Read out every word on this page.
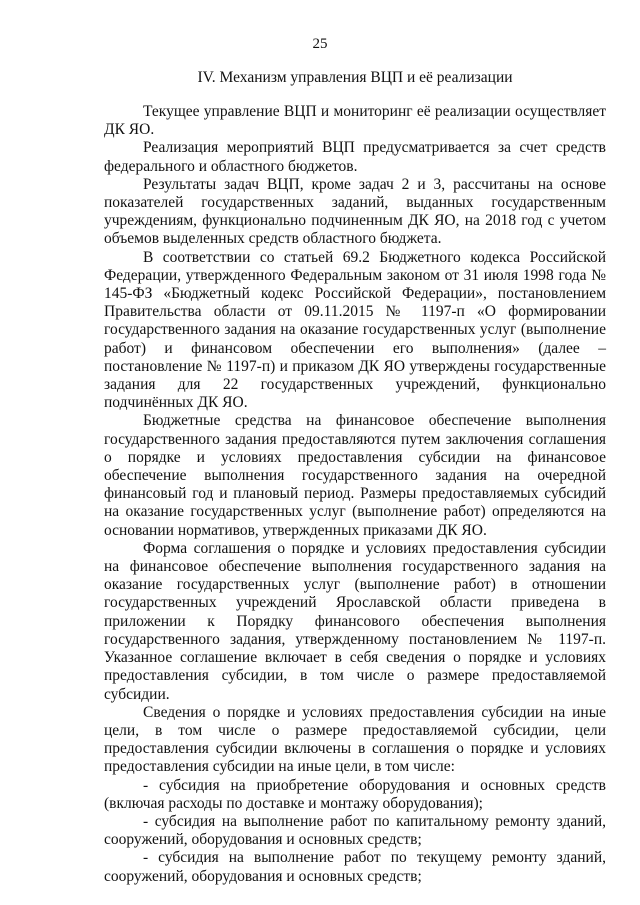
25
IV. Механизм управления ВЦП и её реализации

Текущее управление ВЦП и мониторинг её реализации осуществляет ДК ЯО.

Реализация мероприятий ВЦП предусматривается за счет средств федерального и областного бюджетов.

Результаты задач ВЦП, кроме задач 2 и 3, рассчитаны на основе показателей государственных заданий, выданных государственным учреждениям, функционально подчиненным ДК ЯО, на 2018 год с учетом объемов выделенных средств областного бюджета.

В соответствии со статьей 69.2 Бюджетного кодекса Российской Федерации, утвержденного Федеральным законом от 31 июля 1998 года № 145-ФЗ «Бюджетный кодекс Российской Федерации», постановлением Правительства области от 09.11.2015 № 1197-п «О формировании государственного задания на оказание государственных услуг (выполнение работ) и финансовом обеспечении его выполнения» (далее – постановление № 1197-п) и приказом ДК ЯО утверждены государственные задания для 22 государственных учреждений, функционально подчинённых ДК ЯО.

Бюджетные средства на финансовое обеспечение выполнения государственного задания предоставляются путем заключения соглашения о порядке и условиях предоставления субсидии на финансовое обеспечение выполнения государственного задания на очередной финансовый год и плановый период. Размеры предоставляемых субсидий на оказание государственных услуг (выполнение работ) определяются на основании нормативов, утвержденных приказами ДК ЯО.

Форма соглашения о порядке и условиях предоставления субсидии на финансовое обеспечение выполнения государственного задания на оказание государственных услуг (выполнение работ) в отношении государственных учреждений Ярославской области приведена в приложении к Порядку финансового обеспечения выполнения государственного задания, утвержденному постановлением № 1197-п. Указанное соглашение включает в себя сведения о порядке и условиях предоставления субсидии, в том числе о размере предоставляемой субсидии.

Сведения о порядке и условиях предоставления субсидии на иные цели, в том числе о размере предоставляемой субсидии, цели предоставления субсидии включены в соглашения о порядке и условиях предоставления субсидии на иные цели, в том числе:

- субсидия на приобретение оборудования и основных средств (включая расходы по доставке и монтажу оборудования);

- субсидия на выполнение работ по капитальному ремонту зданий, сооружений, оборудования и основных средств;

- субсидия на выполнение работ по текущему ремонту зданий, сооружений, оборудования и основных средств;
